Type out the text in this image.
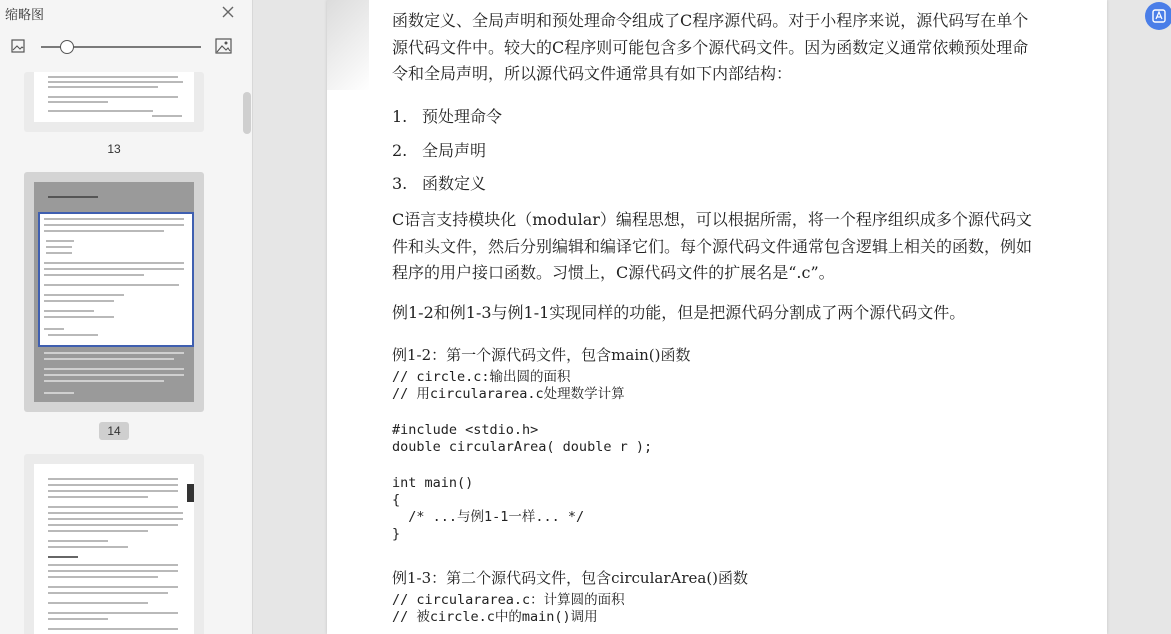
缩略图
13
14
函数定义、全局声明和预处理命令组成了C程序源代码。对于小程序来说，源代码写在单个源代码文件中。较大的C程序则可能包含多个源代码文件。因为函数定义通常依赖预处理命令和全局声明，所以源代码文件通常具有如下内部结构：
1. 预处理命令
2. 全局声明
3. 函数定义
C语言支持模块化（modular）编程思想，可以根据所需，将一个程序组织成多个源代码文件和头文件，然后分别编辑和编译它们。每个源代码文件通常包含逻辑上相关的函数，例如程序的用户接口函数。习惯上，C源代码文件的扩展名是“.c”。
例1-2和例1-3与例1-1实现同样的功能，但是把源代码分割成了两个源代码文件。
例1-2：第一个源代码文件，包含main()函数
// circle.c:输出圆的面积
// 用circulararea.c处理数学计算
#include <stdio.h>
double circularArea( double r );
int main()
{
/* ...与例1-1一样... */
}
例1-3：第二个源代码文件，包含circularArea()函数
// circulararea.c：计算圆的面积
// 被circle.c中的main()调用
